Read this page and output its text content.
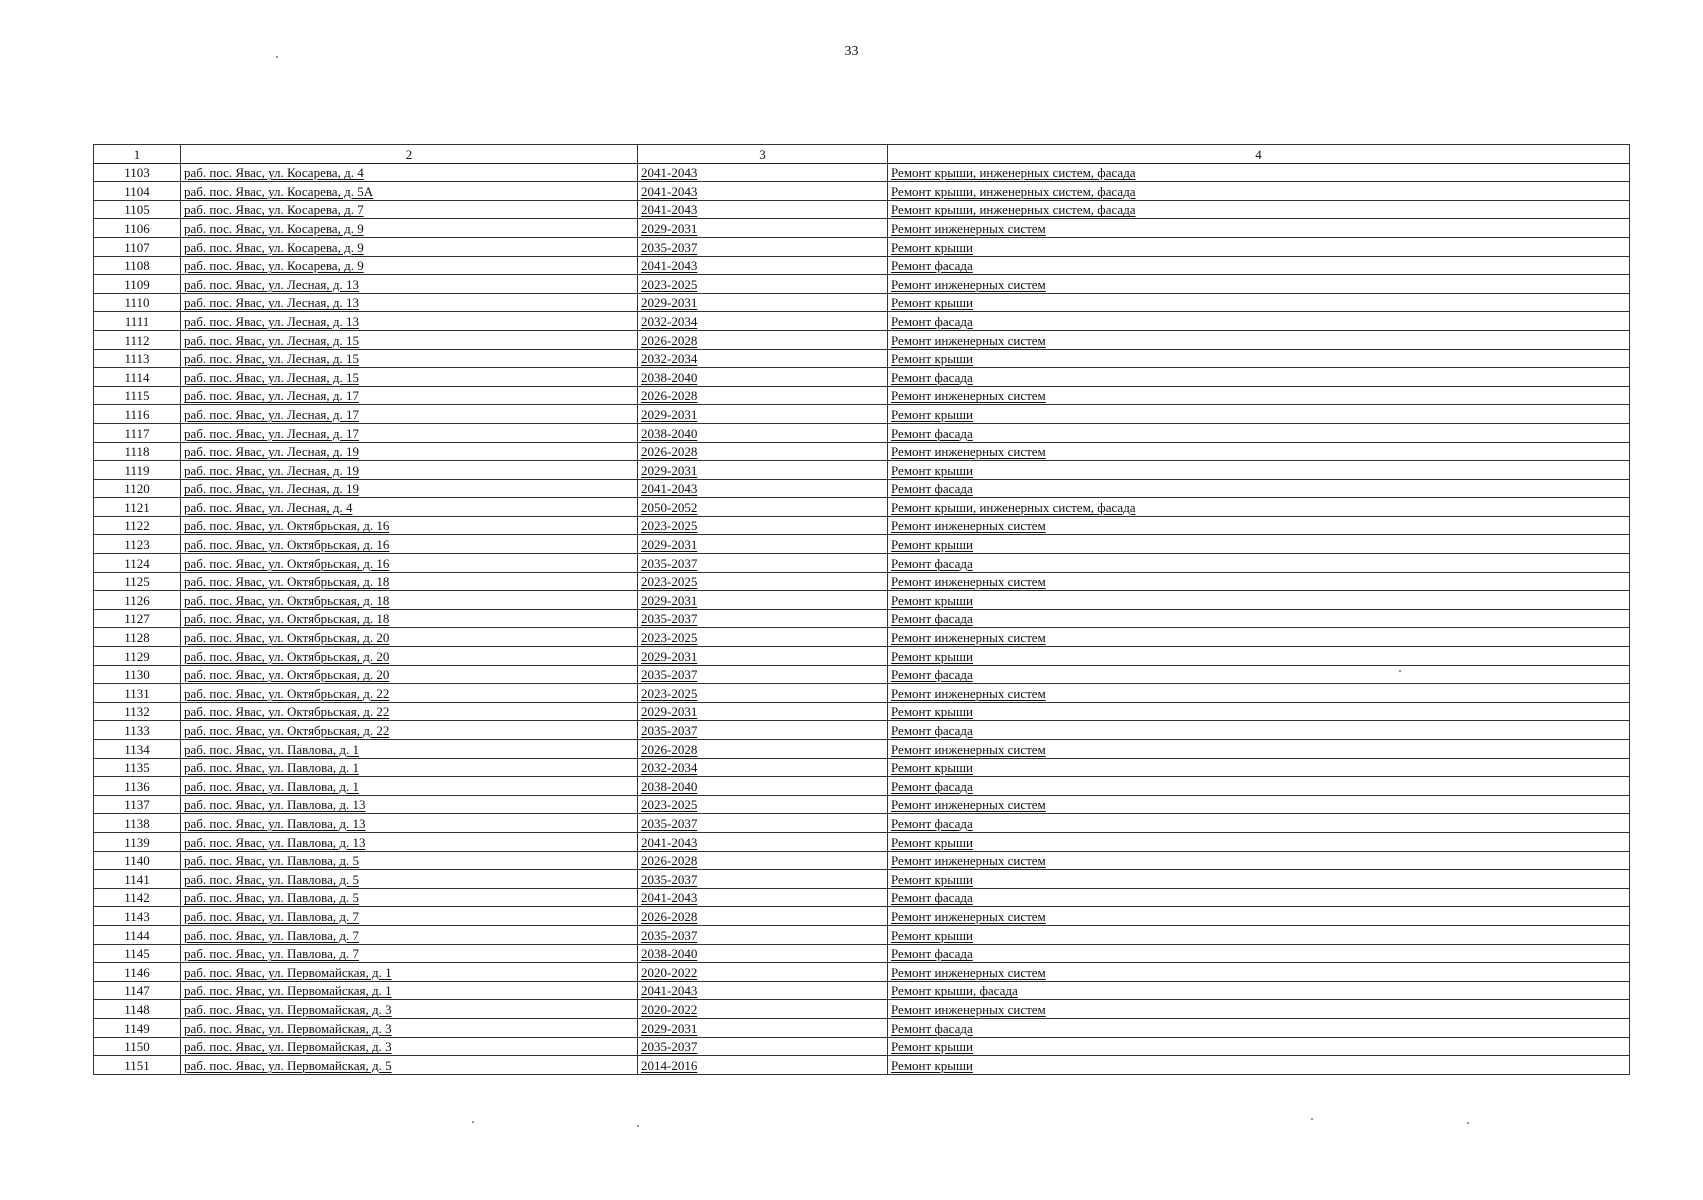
33
1	2	3	4
1103	раб. пос. Явас, ул. Косарева, д. 4	2041-2043	Ремонт крыши, инженерных систем, фасада
1104	раб. пос. Явас, ул. Косарева, д. 5А	2041-2043	Ремонт крыши, инженерных систем, фасада
1105	раб. пос. Явас, ул. Косарева, д. 7	2041-2043	Ремонт крыши, инженерных систем, фасада
1106	раб. пос. Явас, ул. Косарева, д. 9	2029-2031	Ремонт инженерных систем
1107	раб. пос. Явас, ул. Косарева, д. 9	2035-2037	Ремонт крыши
1108	раб. пос. Явас, ул. Косарева, д. 9	2041-2043	Ремонт фасада
1109	раб. пос. Явас, ул. Лесная, д. 13	2023-2025	Ремонт инженерных систем
1110	раб. пос. Явас, ул. Лесная, д. 13	2029-2031	Ремонт крыши
1111	раб. пос. Явас, ул. Лесная, д. 13	2032-2034	Ремонт фасада
1112	раб. пос. Явас, ул. Лесная, д. 15	2026-2028	Ремонт инженерных систем
1113	раб. пос. Явас, ул. Лесная, д. 15	2032-2034	Ремонт крыши
1114	раб. пос. Явас, ул. Лесная, д. 15	2038-2040	Ремонт фасада
1115	раб. пос. Явас, ул. Лесная, д. 17	2026-2028	Ремонт инженерных систем
1116	раб. пос. Явас, ул. Лесная, д. 17	2029-2031	Ремонт крыши
1117	раб. пос. Явас, ул. Лесная, д. 17	2038-2040	Ремонт фасада
1118	раб. пос. Явас, ул. Лесная, д. 19	2026-2028	Ремонт инженерных систем
1119	раб. пос. Явас, ул. Лесная, д. 19	2029-2031	Ремонт крыши
1120	раб. пос. Явас, ул. Лесная, д. 19	2041-2043	Ремонт фасада
1121	раб. пос. Явас, ул. Лесная, д. 4	2050-2052	Ремонт крыши, инженерных систем, фасада
1122	раб. пос. Явас, ул. Октябрьская, д. 16	2023-2025	Ремонт инженерных систем
1123	раб. пос. Явас, ул. Октябрьская, д. 16	2029-2031	Ремонт крыши
1124	раб. пос. Явас, ул. Октябрьская, д. 16	2035-2037	Ремонт фасада
1125	раб. пос. Явас, ул. Октябрьская, д. 18	2023-2025	Ремонт инженерных систем
1126	раб. пос. Явас, ул. Октябрьская, д. 18	2029-2031	Ремонт крыши
1127	раб. пос. Явас, ул. Октябрьская, д. 18	2035-2037	Ремонт фасада
1128	раб. пос. Явас, ул. Октябрьская, д. 20	2023-2025	Ремонт инженерных систем
1129	раб. пос. Явас, ул. Октябрьская, д. 20	2029-2031	Ремонт крыши
1130	раб. пос. Явас, ул. Октябрьская, д. 20	2035-2037	Ремонт фасада
1131	раб. пос. Явас, ул. Октябрьская, д. 22	2023-2025	Ремонт инженерных систем
1132	раб. пос. Явас, ул. Октябрьская, д. 22	2029-2031	Ремонт крыши
1133	раб. пос. Явас, ул. Октябрьская, д. 22	2035-2037	Ремонт фасада
1134	раб. пос. Явас, ул. Павлова, д. 1	2026-2028	Ремонт инженерных систем
1135	раб. пос. Явас, ул. Павлова, д. 1	2032-2034	Ремонт крыши
1136	раб. пос. Явас, ул. Павлова, д. 1	2038-2040	Ремонт фасада
1137	раб. пос. Явас, ул. Павлова, д. 13	2023-2025	Ремонт инженерных систем
1138	раб. пос. Явас, ул. Павлова, д. 13	2035-2037	Ремонт фасада
1139	раб. пос. Явас, ул. Павлова, д. 13	2041-2043	Ремонт крыши
1140	раб. пос. Явас, ул. Павлова, д. 5	2026-2028	Ремонт инженерных систем
1141	раб. пос. Явас, ул. Павлова, д. 5	2035-2037	Ремонт крыши
1142	раб. пос. Явас, ул. Павлова, д. 5	2041-2043	Ремонт фасада
1143	раб. пос. Явас, ул. Павлова, д. 7	2026-2028	Ремонт инженерных систем
1144	раб. пос. Явас, ул. Павлова, д. 7	2035-2037	Ремонт крыши
1145	раб. пос. Явас, ул. Павлова, д. 7	2038-2040	Ремонт фасада
1146	раб. пос. Явас, ул. Первомайская, д. 1	2020-2022	Ремонт инженерных систем
1147	раб. пос. Явас, ул. Первомайская, д. 1	2041-2043	Ремонт крыши, фасада
1148	раб. пос. Явас, ул. Первомайская, д. 3	2020-2022	Ремонт инженерных систем
1149	раб. пос. Явас, ул. Первомайская, д. 3	2029-2031	Ремонт фасада
1150	раб. пос. Явас, ул. Первомайская, д. 3	2035-2037	Ремонт крыши
1151	раб. пос. Явас, ул. Первомайская, д. 5	2014-2016	Ремонт крыши
